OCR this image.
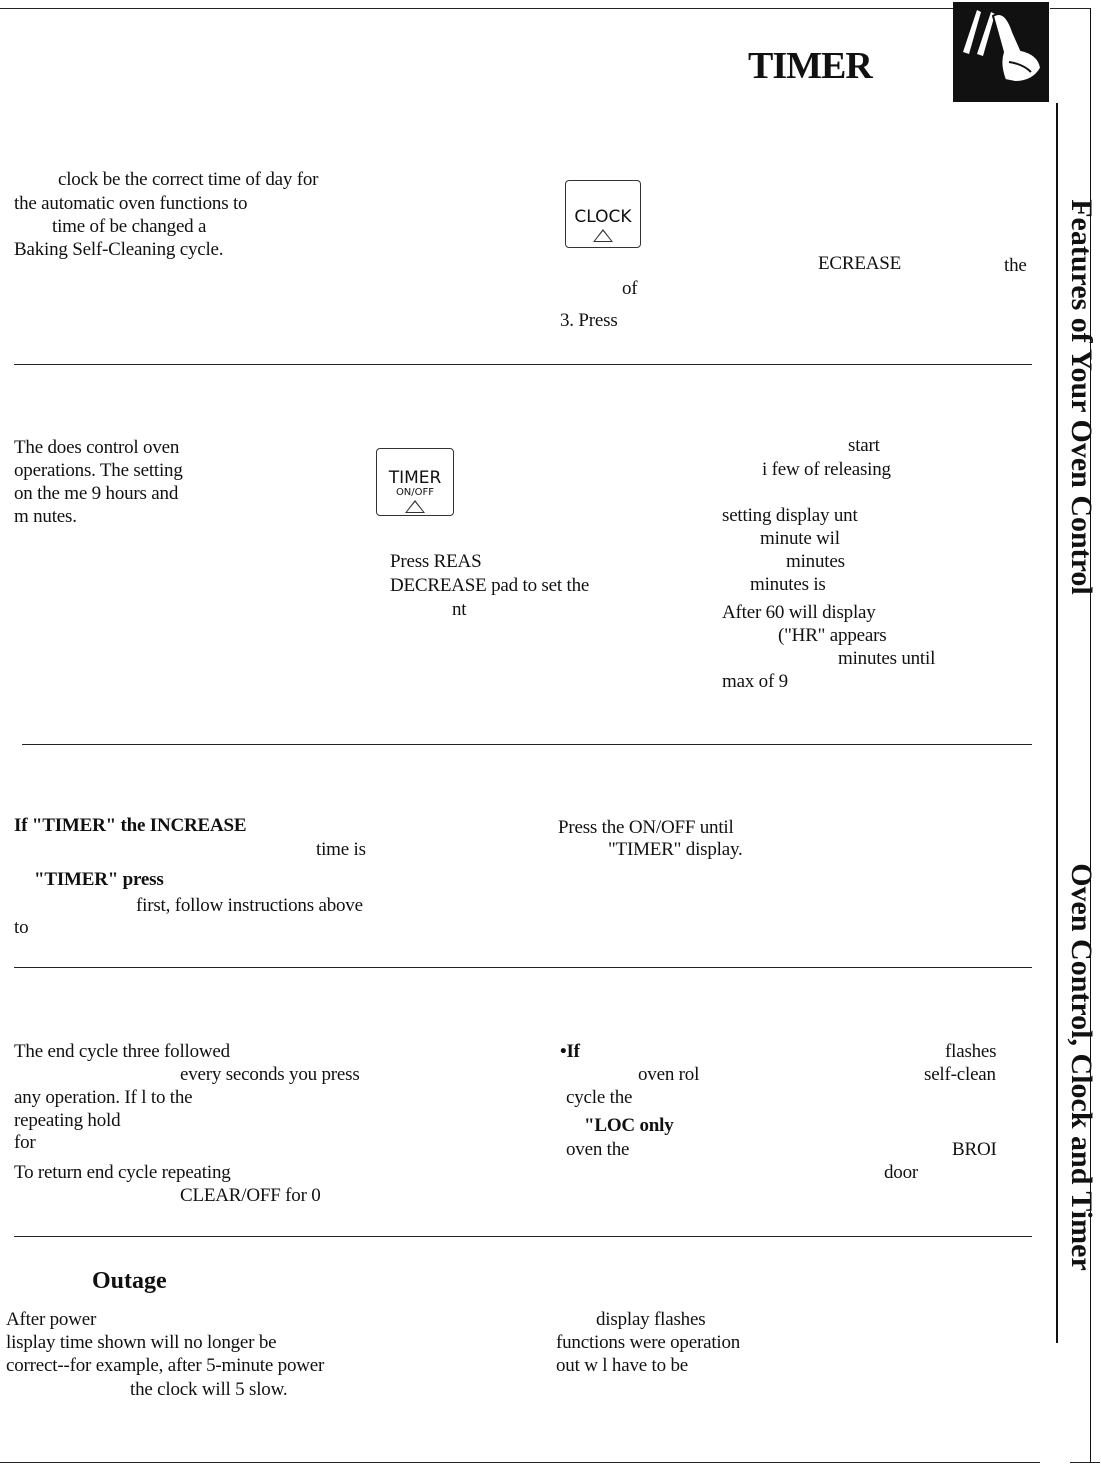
TIMER
Features of Your Oven Control
Oven Control, Clock and Timer
clock be the correct time of day for
the automatic oven functions to
time of be changed a
Baking Self-Cleaning cycle.
CLOCK
ECREASE	the
of
3. Press
The does control oven
operations. The setting
on the me 9 hours and
m nutes.
TIMER
ON/OFF
Press REAS
DECREASE pad to set the
nt
start
i few of releasing
setting display unt
minute wil
minutes
minutes is
After 60 will display
("HR" appears
minutes until
max of 9
If "TIMER" the INCREASE
time is
"TIMER" press
first, follow instructions above
to
Press the ON/OFF until
"TIMER" display.
The end cycle three followed
every seconds you press
any operation. If l to the
repeating hold
for
To return end cycle repeating
CLEAR/OFF for 0
•If	flashes
oven rol	self-clean
cycle the
"LOC only
oven the	BROI
door
Outage
After power
lisplay time shown will no longer be
correct--for example, after 5-minute power
the clock will 5 slow.
display flashes
functions were operation
out w l have to be
